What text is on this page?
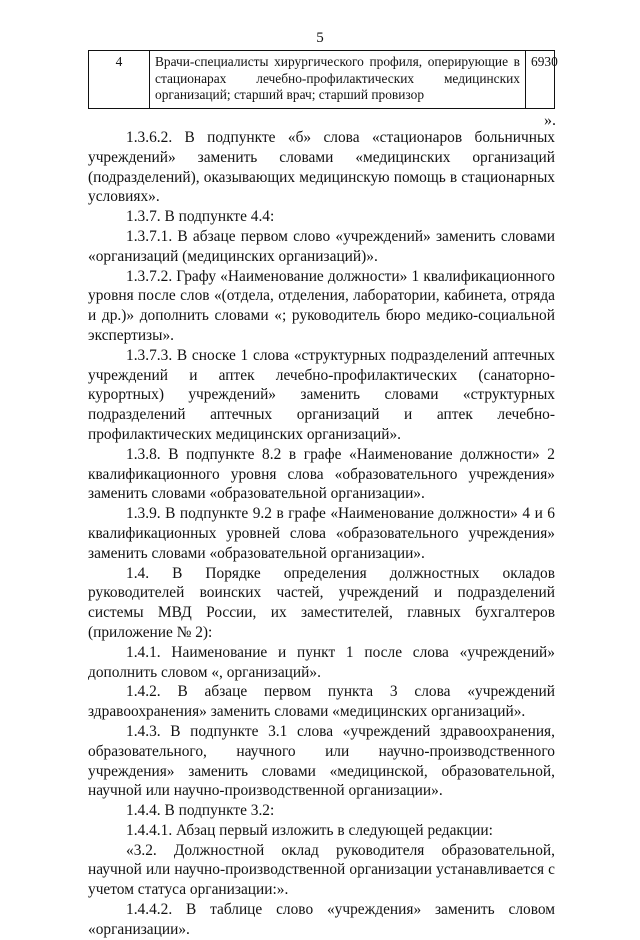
5
4	Врачи-специалисты хирургического профиля, оперирующие в стационарах лечебно-профилактических медицинских организаций; старший врач; старший провизор	6930
».

1.3.6.2. В подпункте «б» слова «стационаров больничных учреждений» заменить словами «медицинских организаций (подразделений), оказывающих медицинскую помощь в стационарных условиях».

1.3.7. В подпункте 4.4:

1.3.7.1. В абзаце первом слово «учреждений» заменить словами «организаций (медицинских организаций)».

1.3.7.2. Графу «Наименование должности» 1 квалификационного уровня после слов «(отдела, отделения, лаборатории, кабинета, отряда и др.)» дополнить словами «; руководитель бюро медико-социальной экспертизы».

1.3.7.3. В сноске 1 слова «структурных подразделений аптечных учреждений и аптек лечебно-профилактических (санаторно-курортных) учреждений» заменить словами «структурных подразделений аптечных организаций и аптек лечебно-профилактических медицинских организаций».

1.3.8. В подпункте 8.2 в графе «Наименование должности» 2 квалификационного уровня слова «образовательного учреждения» заменить словами «образовательной организации».

1.3.9. В подпункте 9.2 в графе «Наименование должности» 4 и 6 квалификационных уровней слова «образовательного учреждения» заменить словами «образовательной организации».

1.4. В Порядке определения должностных окладов руководителей воинских частей, учреждений и подразделений системы МВД России, их заместителей, главных бухгалтеров (приложение № 2):

1.4.1. Наименование и пункт 1 после слова «учреждений» дополнить словом «, организаций».

1.4.2. В абзаце первом пункта 3 слова «учреждений здравоохранения» заменить словами «медицинских организаций».

1.4.3. В подпункте 3.1 слова «учреждений здравоохранения, образовательного, научного или научно-производственного учреждения» заменить словами «медицинской, образовательной, научной или научно-производственной организации».

1.4.4. В подпункте 3.2:

1.4.4.1. Абзац первый изложить в следующей редакции:

«3.2. Должностной оклад руководителя образовательной, научной или научно-производственной организации устанавливается с учетом статуса организации:».

1.4.4.2. В таблице слово «учреждения» заменить словом «организации».
